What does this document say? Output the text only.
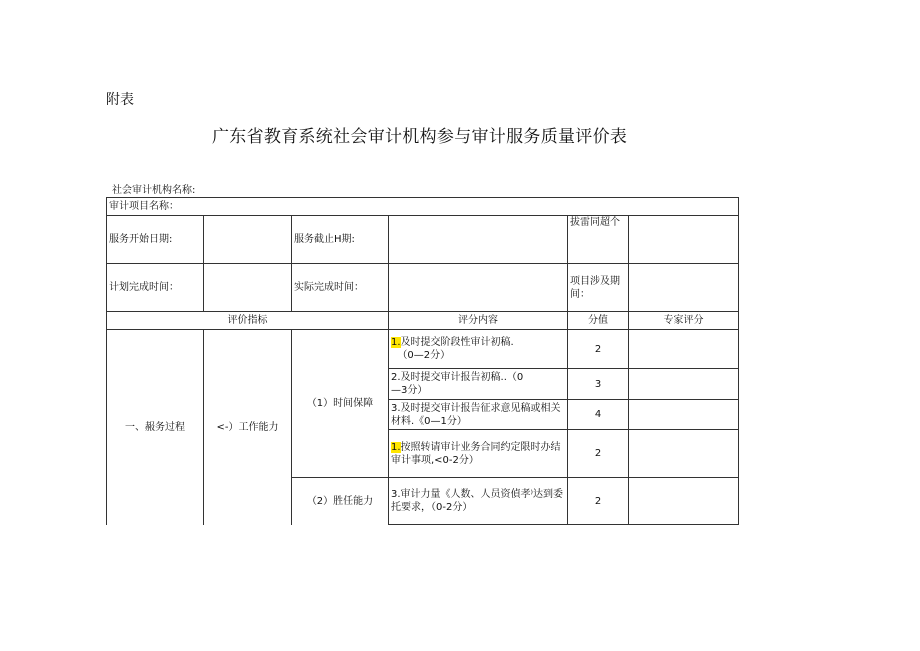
附表
广东省教育系统社会审计机构参与审计服务质量评价表
社会审计机构名称:
审计项目名称：					
服务开始日期:		服务截止H期:		拔雷同超个	
计划完成时间：		实际完成时间：		项目涉及期间：	
评价指标			评分内容	分值	专家评分
一、赧务过程	<-）工作能力	（1）时间保障	1.及时提交阶段性审计初稿.
（0—2分）	2	
			2.及时提交审计报告初稿..（0
—3分）	3	
			3.及时提交审计报告征求意见稿或相关材料.《0—1分）	4	
			1.按照转请审计业务合同约定限时办结审计事项,<0-2分）	2	
		（2）胜任能力	3.审计力量《人数、人员资偵孝⁾达到委托要求，（0-2分）	2	
